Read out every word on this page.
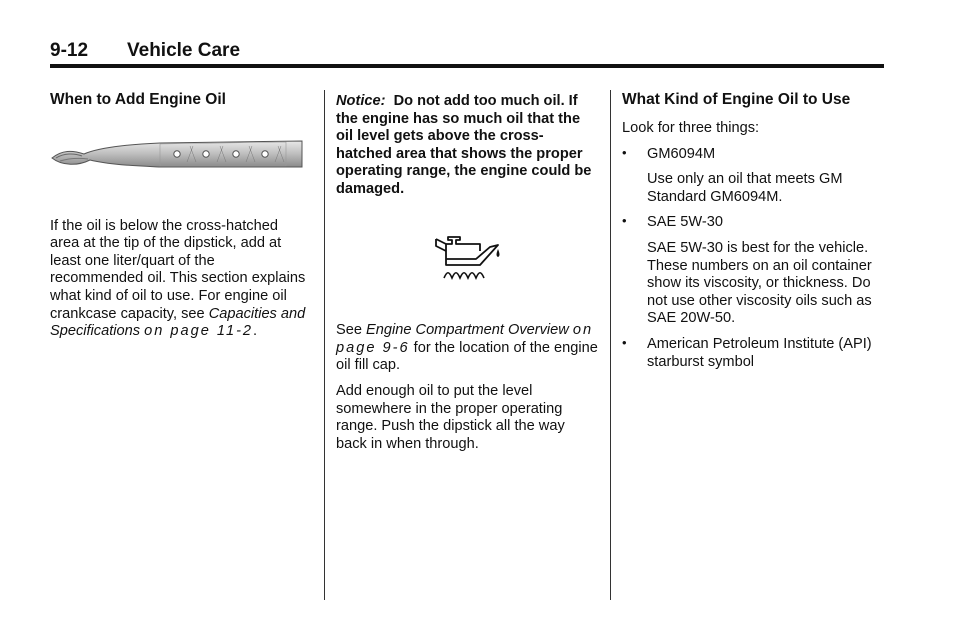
9-12 Vehicle Care
When to Add Engine Oil

If the oil is below the cross-hatched area at the tip of the dipstick, add at least one liter/quart of the recommended oil. This section explains what kind of oil to use. For engine oil crankcase capacity, see Capacities and Specifications on page 11-2.

Notice: Do not add too much oil. If the engine has so much oil that the oil level gets above the cross-hatched area that shows the proper operating range, the engine could be damaged.

See Engine Compartment Overview on page 9-6 for the location of the engine oil fill cap.

Add enough oil to put the level somewhere in the proper operating range. Push the dipstick all the way back in when through.

What Kind of Engine Oil to Use

Look for three things:

• GM6094M
Use only an oil that meets GM Standard GM6094M.
• SAE 5W-30
SAE 5W-30 is best for the vehicle. These numbers on an oil container show its viscosity, or thickness. Do not use other viscosity oils such as SAE 20W-50.
• American Petroleum Institute (API) starburst symbol
